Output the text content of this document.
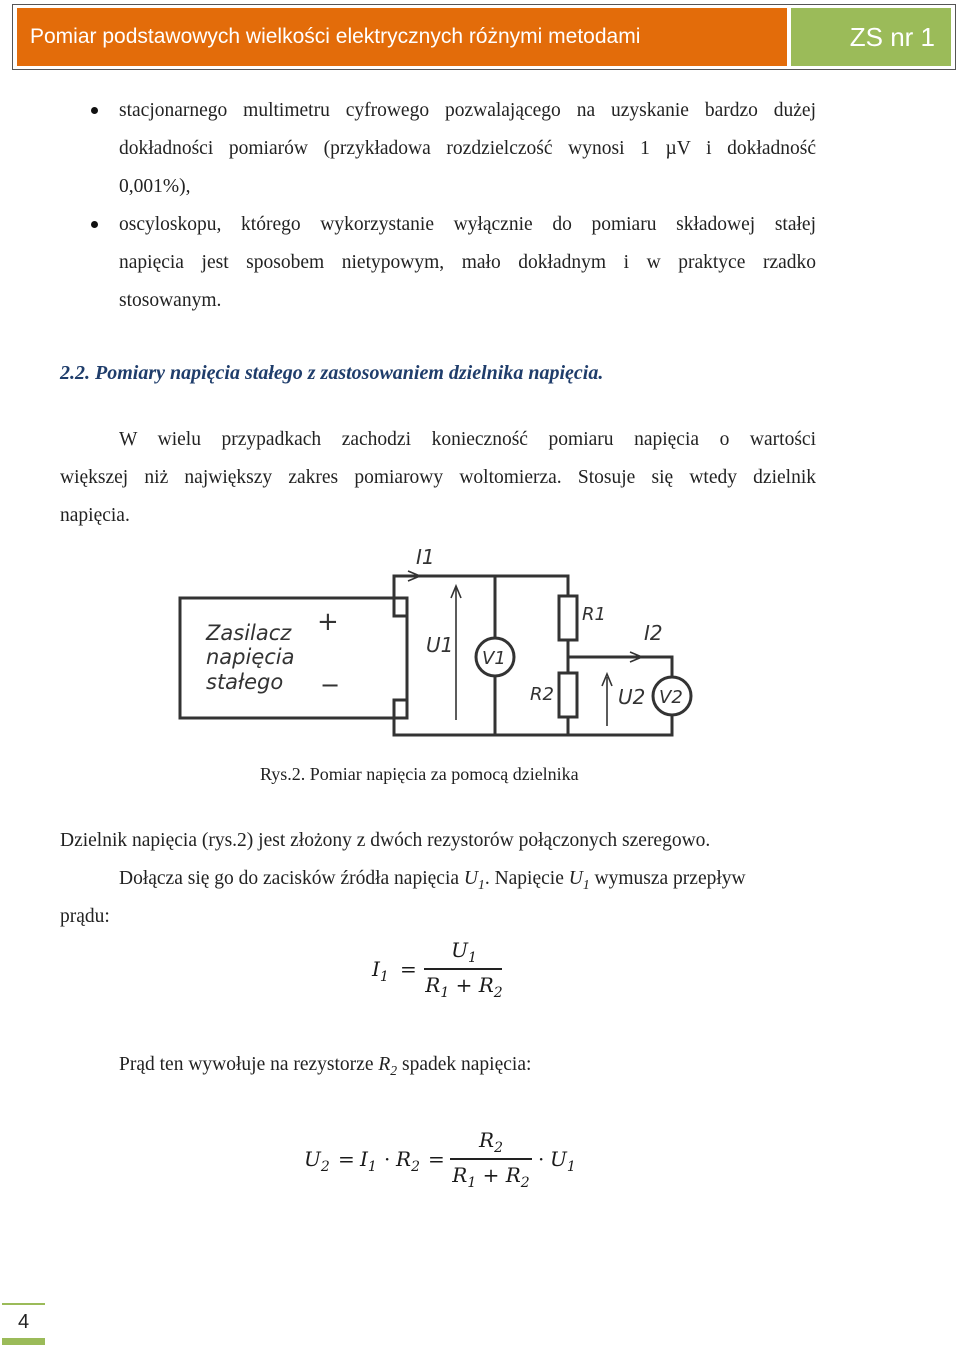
Pomiar podstawowych wielkości elektrycznych różnymi metodami	ZS nr 1
stacjonarnego multimetru cyfrowego pozwalającego na uzyskanie bardzo dużej
dokładności pomiarów (przykładowa rozdzielczość wynosi 1 µV i dokładność
0,001%),
oscyloskopu, którego wykorzystanie wyłącznie do pomiaru składowej stałej
napięcia jest sposobem nietypowym, mało dokładnym i w praktyce rzadko
stosowanym.
2.2. Pomiary napięcia stałego z zastosowaniem dzielnika napięcia.
W wielu przypadkach zachodzi konieczność pomiaru napięcia o wartości
większej niż największy zakres pomiarowy woltomierza. Stosuje się wtedy dzielnik
napięcia.
Zasilacz
napięcia
stałego
+
−
I1
U1
V1
R1
R2
I2
U2 V2
Rys.2. Pomiar napięcia za pomocą dzielnika
Dzielnik napięcia (rys.2) jest złożony z dwóch rezystorów połączonych szeregowo.
Dołącza się go do zacisków źródła napięcia $U_1$. Napięcie $U_1$ wymusza przepływ
prądu:
$I_1$ =
$U_1$
$R_1 + R_2$
Prąd ten wywołuje na rezystorze $R_2$ spadek napięcia:
$U_2 = I_1 \cdot R_2$ =
$R_2$
$R_1 + R_2$
· $U_1$
4
